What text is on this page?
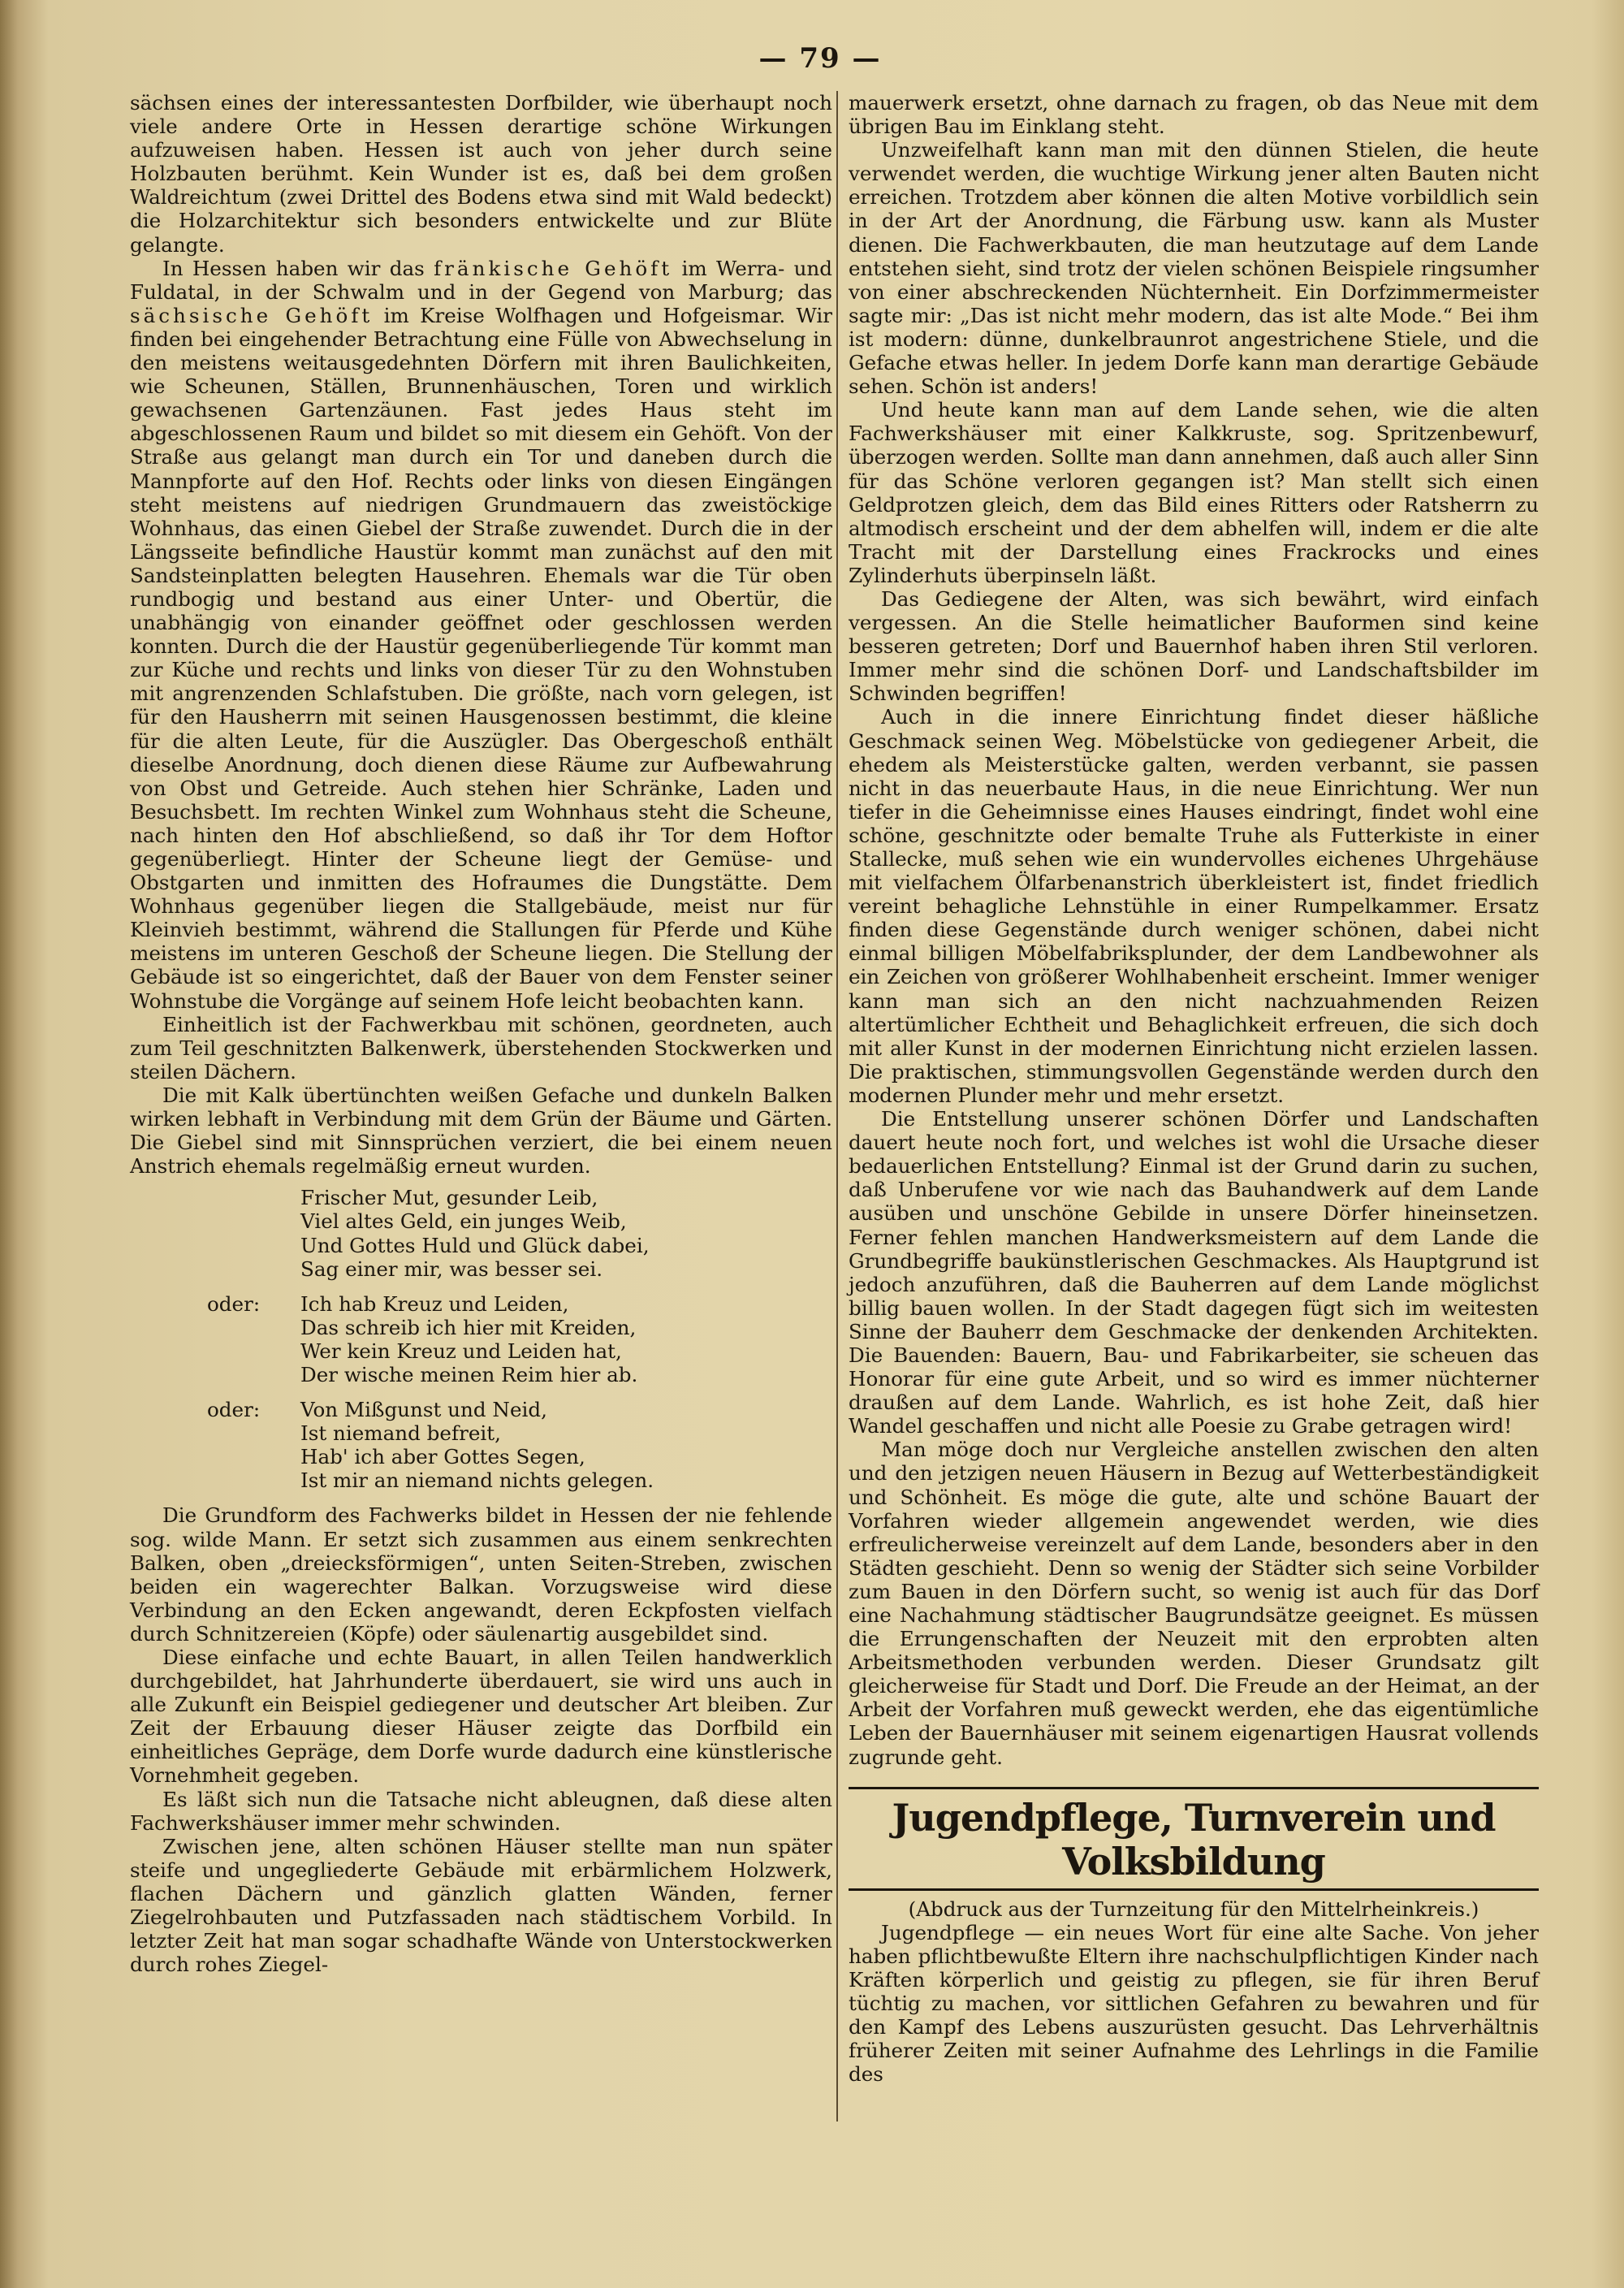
— 79 —

sächsen eines der interessantesten Dorfbilder, wie überhaupt noch viele andere Orte in Hessen derartige schöne Wirkungen aufzuweisen haben. Hessen ist auch von jeher durch seine Holzbauten berühmt. Kein Wunder ist es, daß bei dem großen Waldreichtum (zwei Drittel des Bodens etwa sind mit Wald bedeckt) die Holzarchitektur sich besonders entwickelte und zur Blüte gelangte.

In Hessen haben wir das fränkische Gehöft im Werra- und Fuldatal, in der Schwalm und in der Gegend von Marburg; das sächsische Gehöft im Kreise Wolfhagen und Hofgeismar. Wir finden bei eingehender Betrachtung eine Fülle von Abwechselung in den meistens weitausgedehnten Dörfern mit ihren Baulichkeiten, wie Scheunen, Ställen, Brunnenhäuschen, Toren und wirklich gewachsenen Gartenzäunen. Fast jedes Haus steht im abgeschlossenen Raum und bildet so mit diesem ein Gehöft. Von der Straße aus gelangt man durch ein Tor und daneben durch die Mannpforte auf den Hof. Rechts oder links von diesen Eingängen steht meistens auf niedrigen Grundmauern das zweistöckige Wohnhaus, das einen Giebel der Straße zuwendet. Durch die in der Längsseite befindliche Haustür kommt man zunächst auf den mit Sandsteinplatten belegten Hausehren. Ehemals war die Tür oben rundbogig und bestand aus einer Unter- und Obertür, die unabhängig von einander geöffnet oder geschlossen werden konnten. Durch die der Haustür gegenüberliegende Tür kommt man zur Küche und rechts und links von dieser Tür zu den Wohnstuben mit angrenzenden Schlafstuben. Die größte, nach vorn gelegen, ist für den Hausherrn mit seinen Hausgenossen bestimmt, die kleine für die alten Leute, für die Auszügler. Das Obergeschoß enthält dieselbe Anordnung, doch dienen diese Räume zur Aufbewahrung von Obst und Getreide. Auch stehen hier Schränke, Laden und Besuchsbett. Im rechten Winkel zum Wohnhaus steht die Scheune, nach hinten den Hof abschließend, so daß ihr Tor dem Hoftor gegenüberliegt. Hinter der Scheune liegt der Gemüse- und Obstgarten und inmitten des Hofraumes die Dungstätte. Dem Wohnhaus gegenüber liegen die Stallgebäude, meist nur für Kleinvieh bestimmt, während die Stallungen für Pferde und Kühe meistens im unteren Geschoß der Scheune liegen. Die Stellung der Gebäude ist so eingerichtet, daß der Bauer von dem Fenster seiner Wohnstube die Vorgänge auf seinem Hofe leicht beobachten kann.

Einheitlich ist der Fachwerkbau mit schönen, geordneten, auch zum Teil geschnitzten Balkenwerk, überstehenden Stockwerken und steilen Dächern.

Die mit Kalk übertünchten weißen Gefache und dunkeln Balken wirken lebhaft in Verbindung mit dem Grün der Bäume und Gärten. Die Giebel sind mit Sinnsprüchen verziert, die bei einem neuen Anstrich ehemals regelmäßig erneut wurden.

Frischer Mut, gesunder Leib,
Viel altes Geld, ein junges Weib,
Und Gottes Huld und Glück dabei,
Sag einer mir, was besser sei.
oder:	Ich hab Kreuz und Leiden,
Das schreib ich hier mit Kreiden,
Wer kein Kreuz und Leiden hat,
Der wische meinen Reim hier ab.
oder:	Von Mißgunst und Neid,
Ist niemand befreit,
Hab' ich aber Gottes Segen,
Ist mir an niemand nichts gelegen.

Die Grundform des Fachwerks bildet in Hessen der nie fehlende sog. wilde Mann. Er setzt sich zusammen aus einem senkrechten Balken, oben „dreiecksförmigen“, unten Seiten-Streben, zwischen beiden ein wagerechter Balkan. Vorzugsweise wird diese Verbindung an den Ecken angewandt, deren Eckpfosten vielfach durch Schnitzereien (Köpfe) oder säulenartig ausgebildet sind.

Diese einfache und echte Bauart, in allen Teilen handwerklich durchgebildet, hat Jahrhunderte überdauert, sie wird uns auch in alle Zukunft ein Beispiel gediegener und deutscher Art bleiben. Zur Zeit der Erbauung dieser Häuser zeigte das Dorfbild ein einheitliches Gepräge, dem Dorfe wurde dadurch eine künstlerische Vornehmheit gegeben.

Es läßt sich nun die Tatsache nicht ableugnen, daß diese alten Fachwerkshäuser immer mehr schwinden.

Zwischen jene, alten schönen Häuser stellte man nun später steife und ungegliederte Gebäude mit erbärmlichem Holzwerk, flachen Dächern und gänzlich glatten Wänden, ferner Ziegelrohbauten und Putzfassaden nach städtischem Vorbild. In letzter Zeit hat man sogar schadhafte Wände von Unterstockwerken durch rohes Ziegel-

mauerwerk ersetzt, ohne darnach zu fragen, ob das Neue mit dem übrigen Bau im Einklang steht.

Unzweifelhaft kann man mit den dünnen Stielen, die heute verwendet werden, die wuchtige Wirkung jener alten Bauten nicht erreichen. Trotzdem aber können die alten Motive vorbildlich sein in der Art der Anordnung, die Färbung usw. kann als Muster dienen. Die Fachwerkbauten, die man heutzutage auf dem Lande entstehen sieht, sind trotz der vielen schönen Beispiele ringsumher von einer abschreckenden Nüchternheit. Ein Dorfzimmermeister sagte mir: „Das ist nicht mehr modern, das ist alte Mode.“ Bei ihm ist modern: dünne, dunkelbraunrot angestrichene Stiele, und die Gefache etwas heller. In jedem Dorfe kann man derartige Gebäude sehen. Schön ist anders!

Und heute kann man auf dem Lande sehen, wie die alten Fachwerkshäuser mit einer Kalkkruste, sog. Spritzenbewurf, überzogen werden. Sollte man dann annehmen, daß auch aller Sinn für das Schöne verloren gegangen ist? Man stellt sich einen Geldprotzen gleich, dem das Bild eines Ritters oder Ratsherrn zu altmodisch erscheint und der dem abhelfen will, indem er die alte Tracht mit der Darstellung eines Frackrocks und eines Zylinderhuts überpinseln läßt.

Das Gediegene der Alten, was sich bewährt, wird einfach vergessen. An die Stelle heimatlicher Bauformen sind keine besseren getreten; Dorf und Bauernhof haben ihren Stil verloren. Immer mehr sind die schönen Dorf- und Landschaftsbilder im Schwinden begriffen!

Auch in die innere Einrichtung findet dieser häßliche Geschmack seinen Weg. Möbelstücke von gediegener Arbeit, die ehedem als Meisterstücke galten, werden verbannt, sie passen nicht in das neuerbaute Haus, in die neue Einrichtung. Wer nun tiefer in die Geheimnisse eines Hauses eindringt, findet wohl eine schöne, geschnitzte oder bemalte Truhe als Futterkiste in einer Stallecke, muß sehen wie ein wundervolles eichenes Uhrgehäuse mit vielfachem Ölfarbenanstrich überkleistert ist, findet friedlich vereint behagliche Lehnstühle in einer Rumpelkammer. Ersatz finden diese Gegenstände durch weniger schönen, dabei nicht einmal billigen Möbelfabriksplunder, der dem Landbewohner als ein Zeichen von größerer Wohlhabenheit erscheint. Immer weniger kann man sich an den nicht nachzuahmenden Reizen altertümlicher Echtheit und Behaglichkeit erfreuen, die sich doch mit aller Kunst in der modernen Einrichtung nicht erzielen lassen. Die praktischen, stimmungsvollen Gegenstände werden durch den modernen Plunder mehr und mehr ersetzt.

Die Entstellung unserer schönen Dörfer und Landschaften dauert heute noch fort, und welches ist wohl die Ursache dieser bedauerlichen Entstellung? Einmal ist der Grund darin zu suchen, daß Unberufene vor wie nach das Bauhandwerk auf dem Lande ausüben und unschöne Gebilde in unsere Dörfer hineinsetzen. Ferner fehlen manchen Handwerksmeistern auf dem Lande die Grundbegriffe baukünstlerischen Geschmackes. Als Hauptgrund ist jedoch anzuführen, daß die Bauherren auf dem Lande möglichst billig bauen wollen. In der Stadt dagegen fügt sich im weitesten Sinne der Bauherr dem Geschmacke der denkenden Architekten. Die Bauenden: Bauern, Bau- und Fabrikarbeiter, sie scheuen das Honorar für eine gute Arbeit, und so wird es immer nüchterner draußen auf dem Lande. Wahrlich, es ist hohe Zeit, daß hier Wandel geschaffen und nicht alle Poesie zu Grabe getragen wird!

Man möge doch nur Vergleiche anstellen zwischen den alten und den jetzigen neuen Häusern in Bezug auf Wetterbeständigkeit und Schönheit. Es möge die gute, alte und schöne Bauart der Vorfahren wieder allgemein angewendet werden, wie dies erfreulicherweise vereinzelt auf dem Lande, besonders aber in den Städten geschieht. Denn so wenig der Städter sich seine Vorbilder zum Bauen in den Dörfern sucht, so wenig ist auch für das Dorf eine Nachahmung städtischer Baugrundsätze geeignet. Es müssen die Errungenschaften der Neuzeit mit den erprobten alten Arbeitsmethoden verbunden werden. Dieser Grundsatz gilt gleicherweise für Stadt und Dorf. Die Freude an der Heimat, an der Arbeit der Vorfahren muß geweckt werden, ehe das eigentümliche Leben der Bauernhäuser mit seinem eigenartigen Hausrat vollends zugrunde geht.

Jugendpflege, Turnverein und Volksbildung

(Abdruck aus der Turnzeitung für den Mittelrheinkreis.)

Jugendpflege — ein neues Wort für eine alte Sache. Von jeher haben pflichtbewußte Eltern ihre nachschulpflichtigen Kinder nach Kräften körperlich und geistig zu pflegen, sie für ihren Beruf tüchtig zu machen, vor sittlichen Gefahren zu bewahren und für den Kampf des Lebens auszurüsten gesucht. Das Lehrverhältnis früherer Zeiten mit seiner Aufnahme des Lehrlings in die Familie des
